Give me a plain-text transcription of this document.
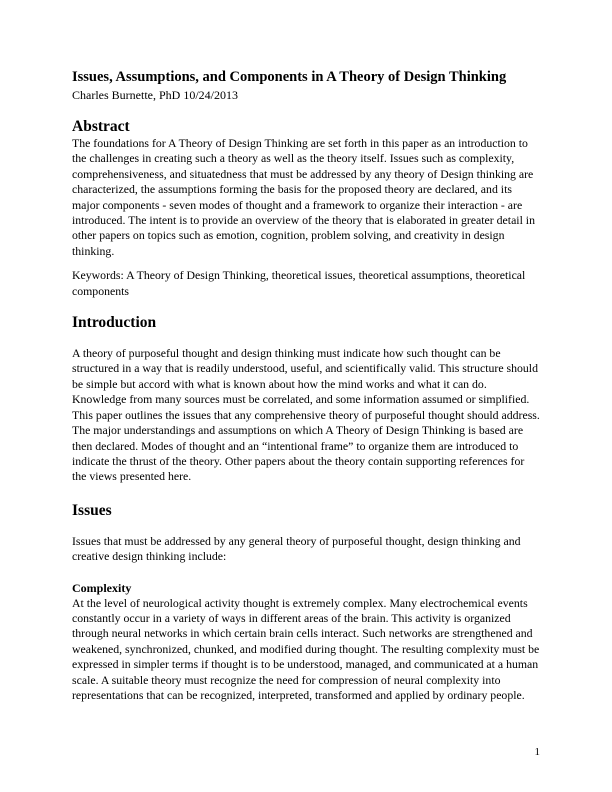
Issues, Assumptions, and Components in A Theory of Design Thinking

Charles Burnette, PhD 10/24/2013

Abstract

The foundations for A Theory of Design Thinking are set forth in this paper as an introduction to the challenges in creating such a theory as well as the theory itself. Issues such as complexity, comprehensiveness, and situatedness that must be addressed by any theory of Design thinking are characterized, the assumptions forming the basis for the proposed theory are declared, and its major components - seven modes of thought and a framework to organize their interaction - are introduced. The intent is to provide an overview of the theory that is elaborated in greater detail in other papers on topics such as emotion, cognition, problem solving, and creativity in design thinking.

Keywords: A Theory of Design Thinking, theoretical issues, theoretical assumptions, theoretical components

Introduction

A theory of purposeful thought and design thinking must indicate how such thought can be structured in a way that is readily understood, useful, and scientifically valid. This structure should be simple but accord with what is known about how the mind works and what it can do. Knowledge from many sources must be correlated, and some information assumed or simplified. This paper outlines the issues that any comprehensive theory of purposeful thought should address. The major understandings and assumptions on which A Theory of Design Thinking is based are then declared. Modes of thought and an “intentional frame” to organize them are introduced to indicate the thrust of the theory. Other papers about the theory contain supporting references for the views presented here.

Issues

Issues that must be addressed by any general theory of purposeful thought, design thinking and creative design thinking include:

Complexity

At the level of neurological activity thought is extremely complex. Many electrochemical events constantly occur in a variety of ways in different areas of the brain. This activity is organized through neural networks in which certain brain cells interact. Such networks are strengthened and weakened, synchronized, chunked, and modified during thought. The resulting complexity must be expressed in simpler terms if thought is to be understood, managed, and communicated at a human scale. A suitable theory must recognize the need for compression of neural complexity into representations that can be recognized, interpreted, transformed and applied by ordinary people.

1
